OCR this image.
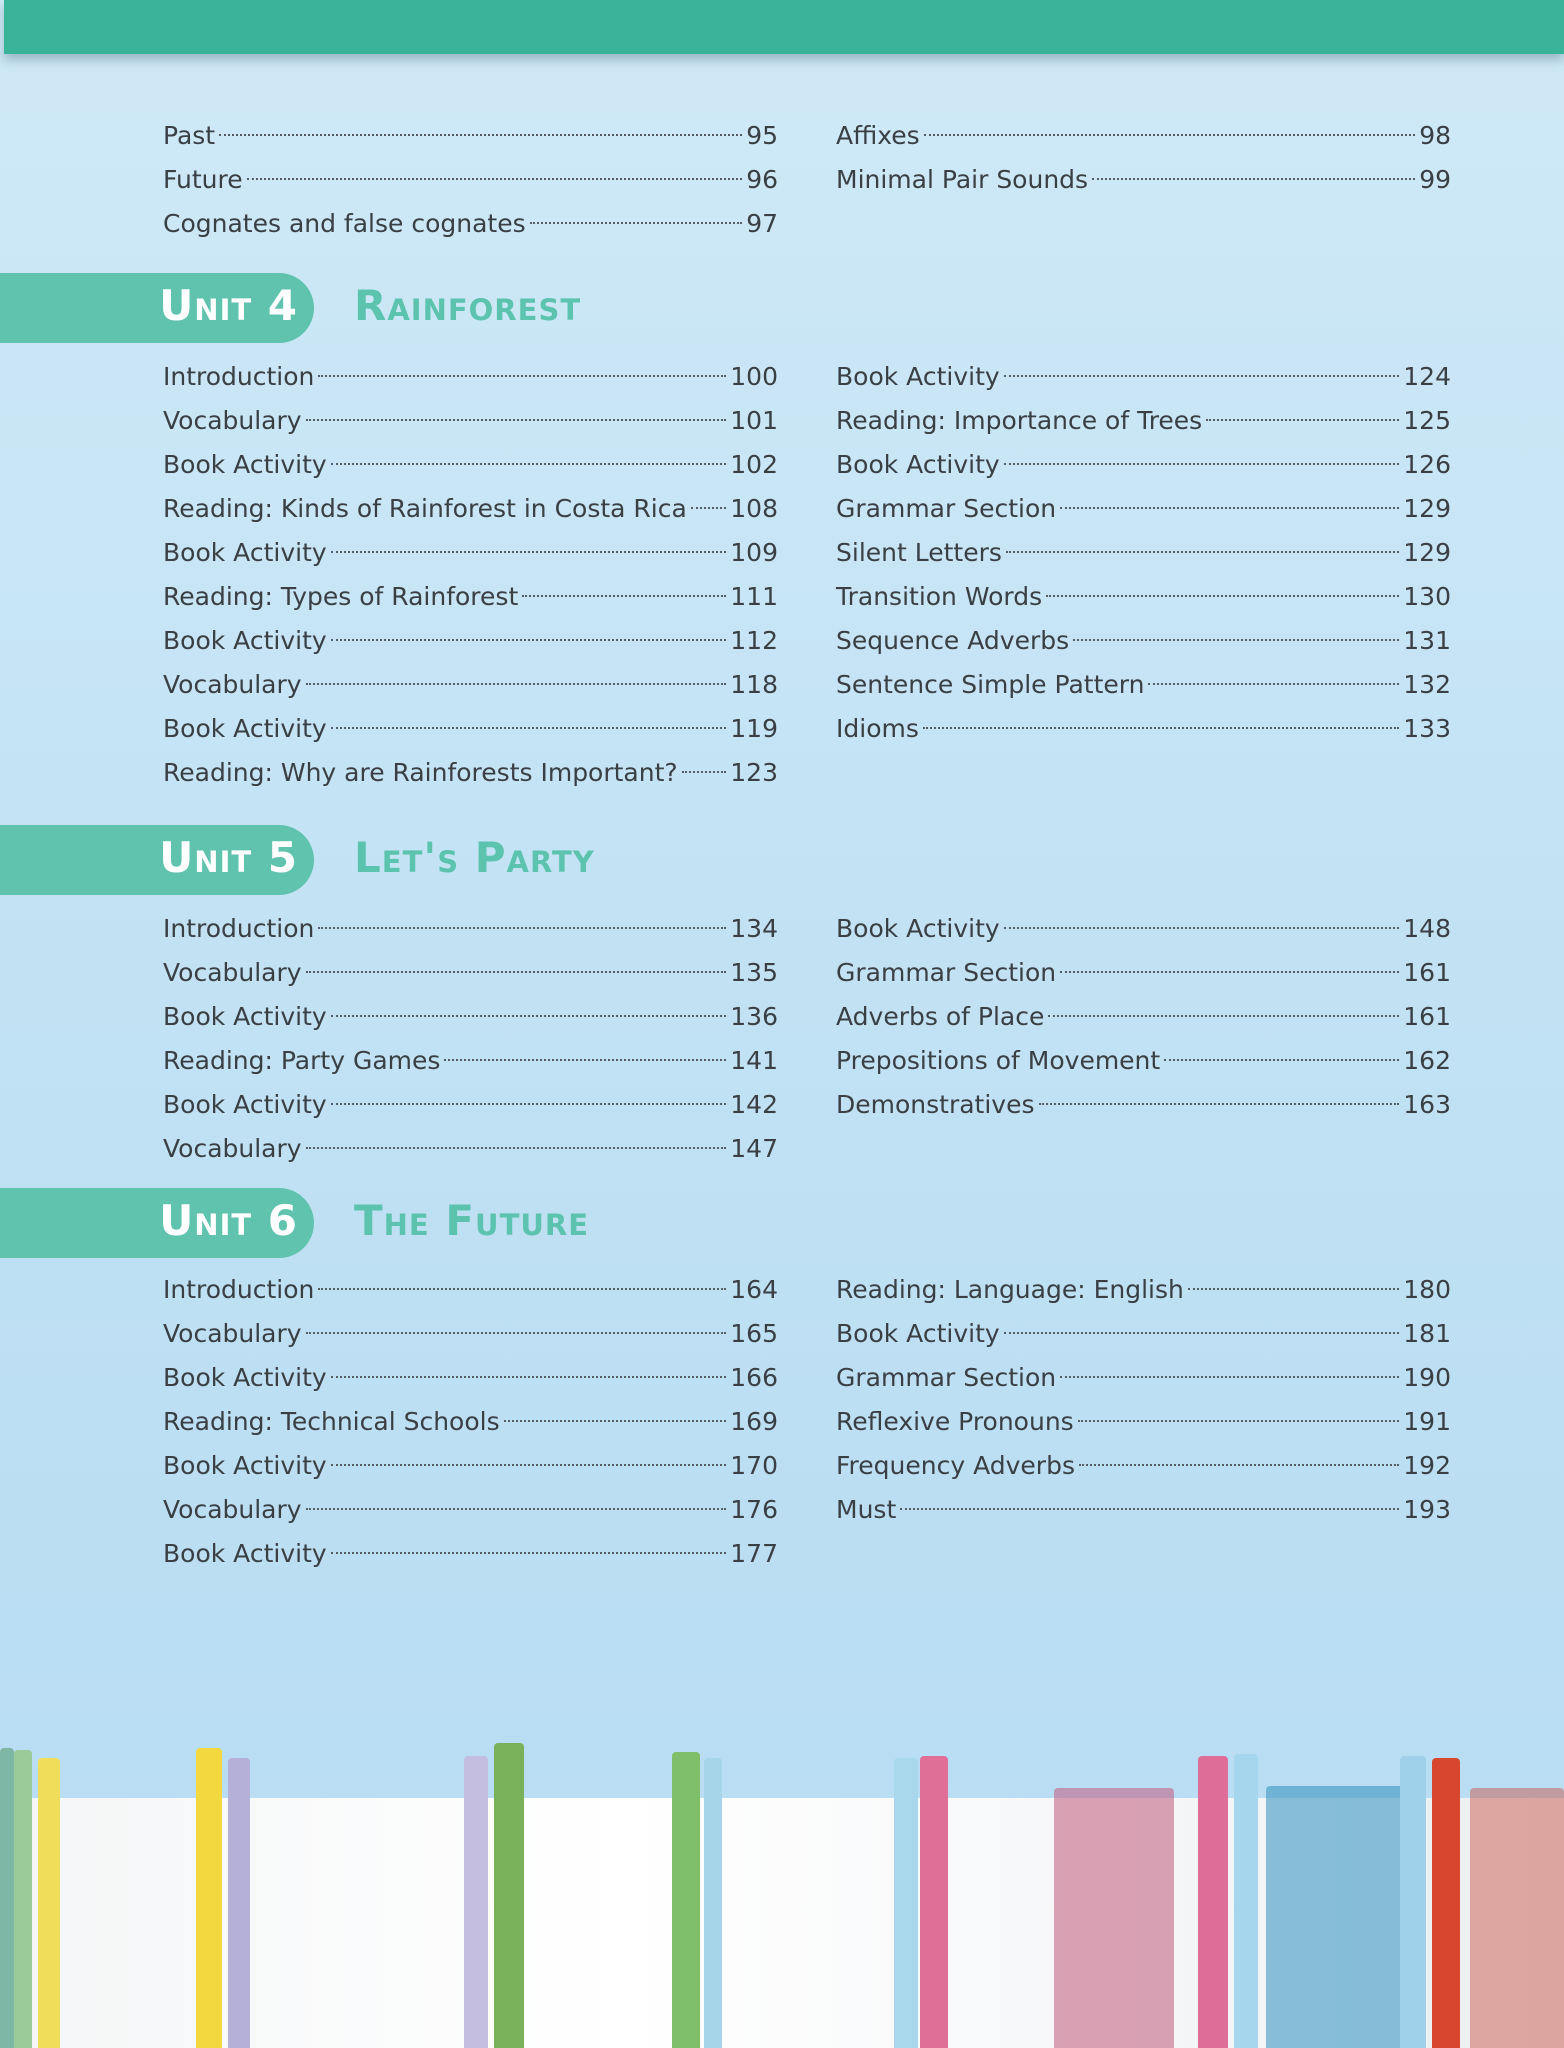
Past	95
Future	96
Cognates and false cognates	97
Affixes	98
Minimal Pair Sounds	99
Unit 4 Rainforest
Introduction	100
Vocabulary	101
Book Activity	102
Reading: Kinds of Rainforest in Costa Rica 108
Book Activity	109
Reading: Types of Rainforest	111
Book Activity	112
Vocabulary	118
Book Activity	119
Reading: Why are Rainforests Important? 123
Book Activity	124
Reading: Importance of Trees	125
Book Activity	126
Grammar Section	129
Silent Letters	129
Transition Words	130
Sequence Adverbs	131
Sentence Simple Pattern	132
Idioms	133
Unit 5 Let's Party
Introduction	134
Vocabulary	135
Book Activity	136
Reading: Party Games	141
Book Activity	142
Vocabulary	147
Book Activity	148
Grammar Section	161
Adverbs of Place	161
Prepositions of Movement	162
Demonstratives	163
Unit 6 The Future
Introduction	164
Vocabulary	165
Book Activity	166
Reading: Technical Schools	169
Book Activity	170
Vocabulary	176
Book Activity	177
Reading: Language: English	180
Book Activity	181
Grammar Section	190
Reflexive Pronouns	191
Frequency Adverbs	192
Must	193
